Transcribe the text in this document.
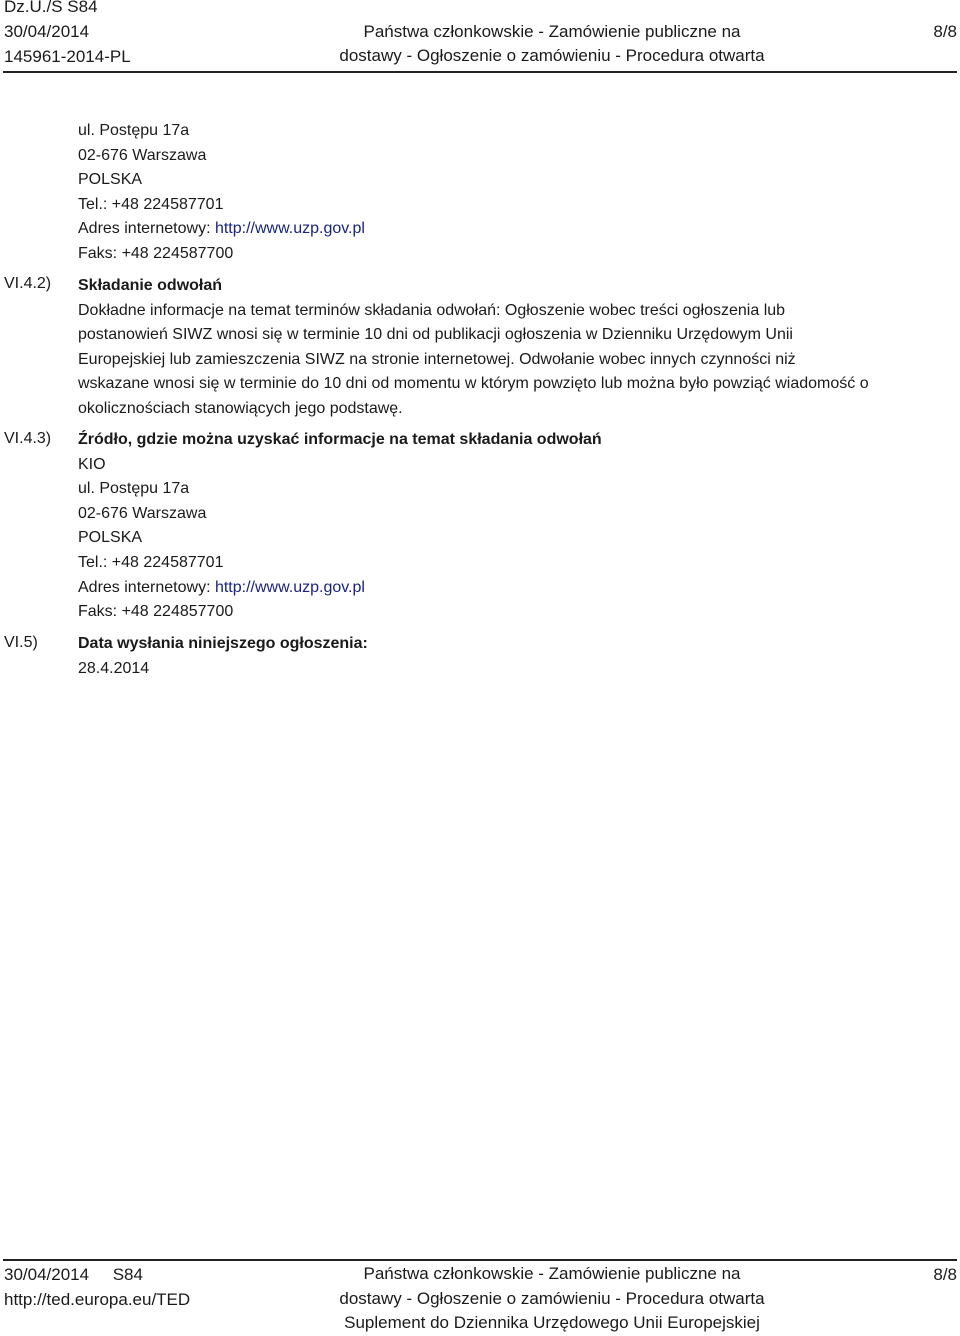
Dz.U./S S84
30/04/2014
145961-2014-PL
Państwa członkowskie - Zamówienie publiczne na
dostawy - Ogłoszenie o zamówieniu - Procedura otwarta
8/8
ul. Postępu 17a
02-676 Warszawa
POLSKA
Tel.: +48 224587701
Adres internetowy: http://www.uzp.gov.pl
Faks: +48 224587700
VI.4.2) Składanie odwołań
Dokładne informacje na temat terminów składania odwołań: Ogłoszenie wobec treści ogłoszenia lub
postanowień SIWZ wnosi się w terminie 10 dni od publikacji ogłoszenia w Dzienniku Urzędowym Unii
Europejskiej lub zamieszczenia SIWZ na stronie internetowej. Odwołanie wobec innych czynności niż
wskazane wnosi się w terminie do 10 dni od momentu w którym powzięto lub można było powziąć wiadomość o
okolicznościach stanowiących jego podstawę.
VI.4.3) Źródło, gdzie można uzyskać informacje na temat składania odwołań
KIO
ul. Postępu 17a
02-676 Warszawa
POLSKA
Tel.: +48 224587701
Adres internetowy: http://www.uzp.gov.pl
Faks: +48 224857700
VI.5)	Data wysłania niniejszego ogłoszenia:
28.4.2014
30/04/2014     S84
http://ted.europa.eu/TED
Państwa członkowskie - Zamówienie publiczne na
dostawy - Ogłoszenie o zamówieniu - Procedura otwarta
Suplement do Dziennika Urzędowego Unii Europejskiej
8/8
